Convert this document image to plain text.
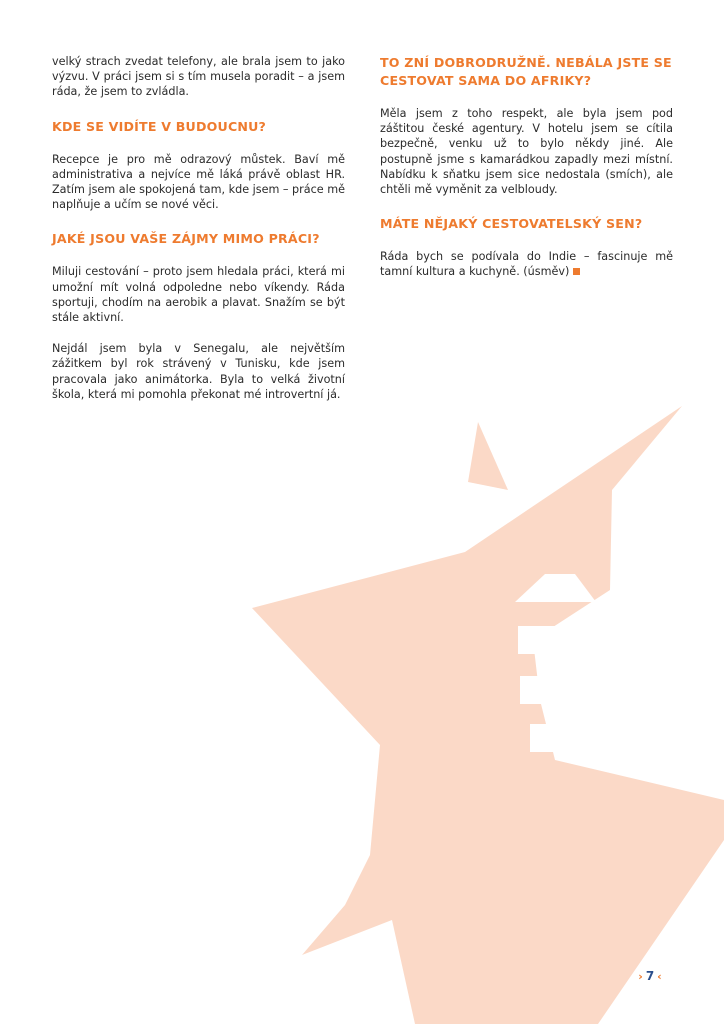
velký strach zvedat telefony, ale brala jsem to jako výzvu. V práci jsem si s tím musela poradit – a jsem ráda, že jsem to zvládla.

KDE SE VIDÍTE V BUDOUCNU?

Recepce je pro mě odrazový můstek. Baví mě administrativa a nejvíce mě láká právě oblast HR. Zatím jsem ale spokojená tam, kde jsem – práce mě naplňuje a učím se nové věci.

JAKÉ JSOU VAŠE ZÁJMY MIMO PRÁCI?

Miluji cestování – proto jsem hledala práci, která mi umožní mít volná odpoledne nebo víkendy. Ráda sportuji, chodím na aerobik a plavat. Snažím se být stále aktivní.

Nejdál jsem byla v Senegalu, ale největším zážitkem byl rok strávený v Tunisku, kde jsem pracovala jako animátorka. Byla to velká životní škola, která mi pomohla překonat mé introvertní já.

TO ZNÍ DOBRODRUŽNĚ. NEBÁLA JSTE SE CESTOVAT SAMA DO AFRIKY?

Měla jsem z toho respekt, ale byla jsem pod záštitou české agentury. V hotelu jsem se cítila bezpečně, venku už to bylo někdy jiné. Ale postupně jsme s kamarádkou zapadly mezi místní. Nabídku k sňatku jsem sice nedostala (smích), ale chtěli mě vyměnit za velbloudy.

MÁTE NĚJAKÝ CESTOVATELSKÝ SEN?

Ráda bych se podívala do Indie – fascinuje mě tamní kultura a kuchyně. (úsměv)

› 7 ‹
